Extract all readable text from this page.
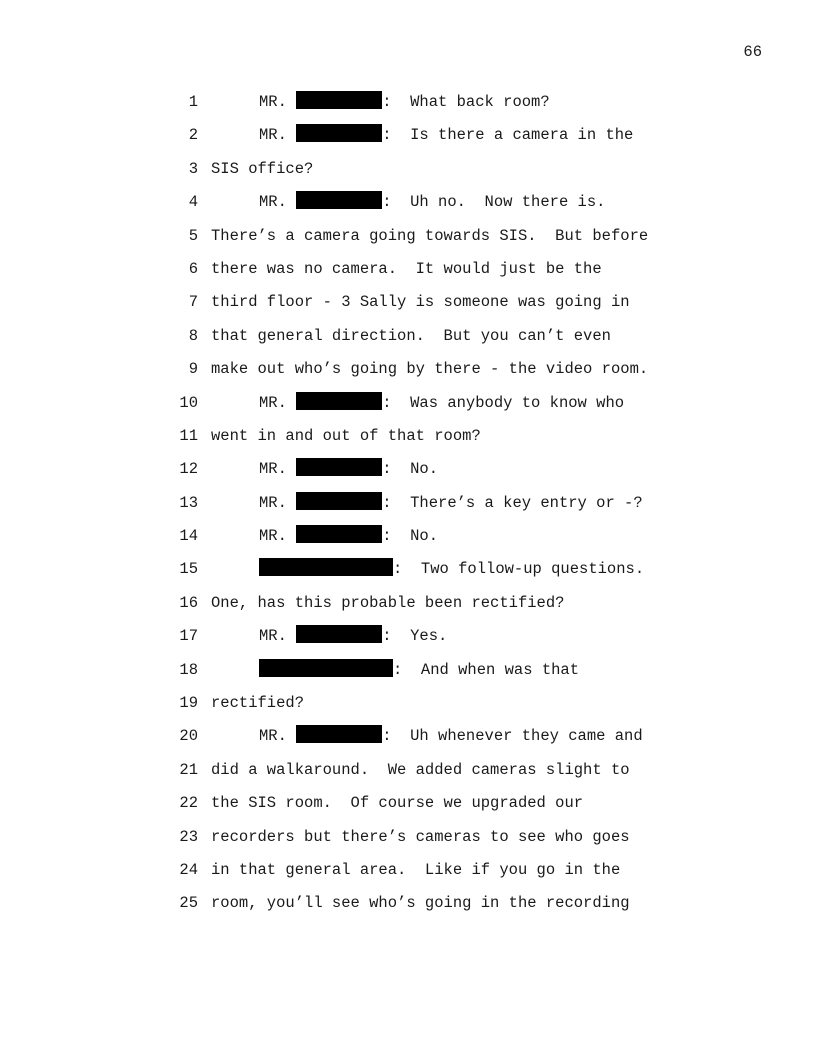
66
1	MR.	:  What back room?
2	MR.	:  Is there a camera in the
3 SIS office?
4	MR.	:  Uh no.  Now there is.
5 There’s a camera going towards SIS.  But before
6 there was no camera.  It would just be the
7 third floor - 3 Sally is someone was going in
8 that general direction.  But you can’t even
9 make out who’s going by there - the video room.
10	MR.	:  Was anybody to know who
11 went in and out of that room?
12	MR.	:  No.
13	MR.	:  There’s a key entry or -?
14	MR.	:  No.
15	:  Two follow-up questions.
16 One, has this probable been rectified?
17	MR.	:  Yes.
18	:  And when was that
19 rectified?
20	MR.	:  Uh whenever they came and
21 did a walkaround.  We added cameras slight to
22 the SIS room.  Of course we upgraded our
23 recorders but there’s cameras to see who goes
24 in that general area.  Like if you go in the
25 room, you’ll see who’s going in the recording
